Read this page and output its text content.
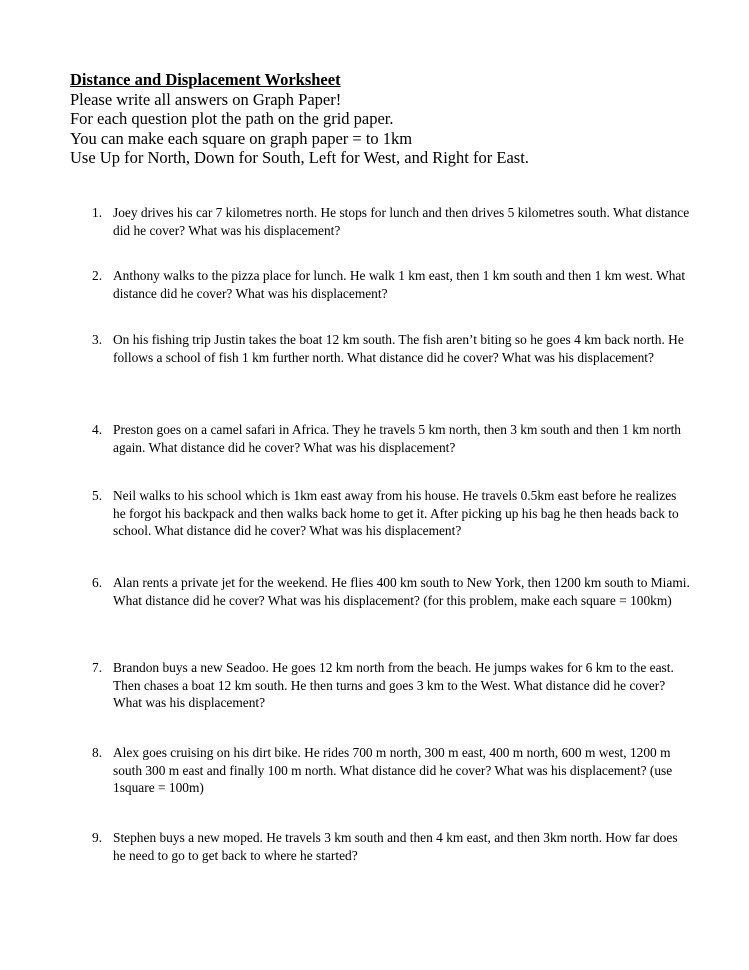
Distance and Displacement Worksheet
Please write all answers on Graph Paper!
For each question plot the path on the grid paper.
You can make each square on graph paper = to 1km
Use Up for North, Down for South, Left for West, and Right for East.
1. Joey drives his car 7 kilometres north. He stops for lunch and then drives 5 kilometres south. What distance did he cover? What was his displacement?
2. Anthony walks to the pizza place for lunch. He walk 1 km east, then 1 km south and then 1 km west. What distance did he cover? What was his displacement?
3. On his fishing trip Justin takes the boat 12 km south. The fish aren’t biting so he goes 4 km back north. He follows a school of fish 1 km further north. What distance did he cover? What was his displacement?
4. Preston goes on a camel safari in Africa. They he travels 5 km north, then 3 km south and then 1 km north again. What distance did he cover? What was his displacement?
5. Neil walks to his school which is 1km east away from his house. He travels 0.5km east before he realizes he forgot his backpack and then walks back home to get it. After picking up his bag he then heads back to school. What distance did he cover? What was his displacement?
6. Alan rents a private jet for the weekend. He flies 400 km south to New York, then 1200 km south to Miami. What distance did he cover? What was his displacement? (for this problem, make each square = 100km)
7. Brandon buys a new Seadoo. He goes 12 km north from the beach. He jumps wakes for 6 km to the east. Then chases a boat 12 km south. He then turns and goes 3 km to the West. What distance did he cover? What was his displacement?
8. Alex goes cruising on his dirt bike. He rides 700 m north, 300 m east, 400 m north, 600 m west, 1200 m south 300 m east and finally 100 m north. What distance did he cover? What was his displacement? (use 1square = 100m)
9. Stephen buys a new moped. He travels 3 km south and then 4 km east, and then 3km north. How far does he need to go to get back to where he started?
